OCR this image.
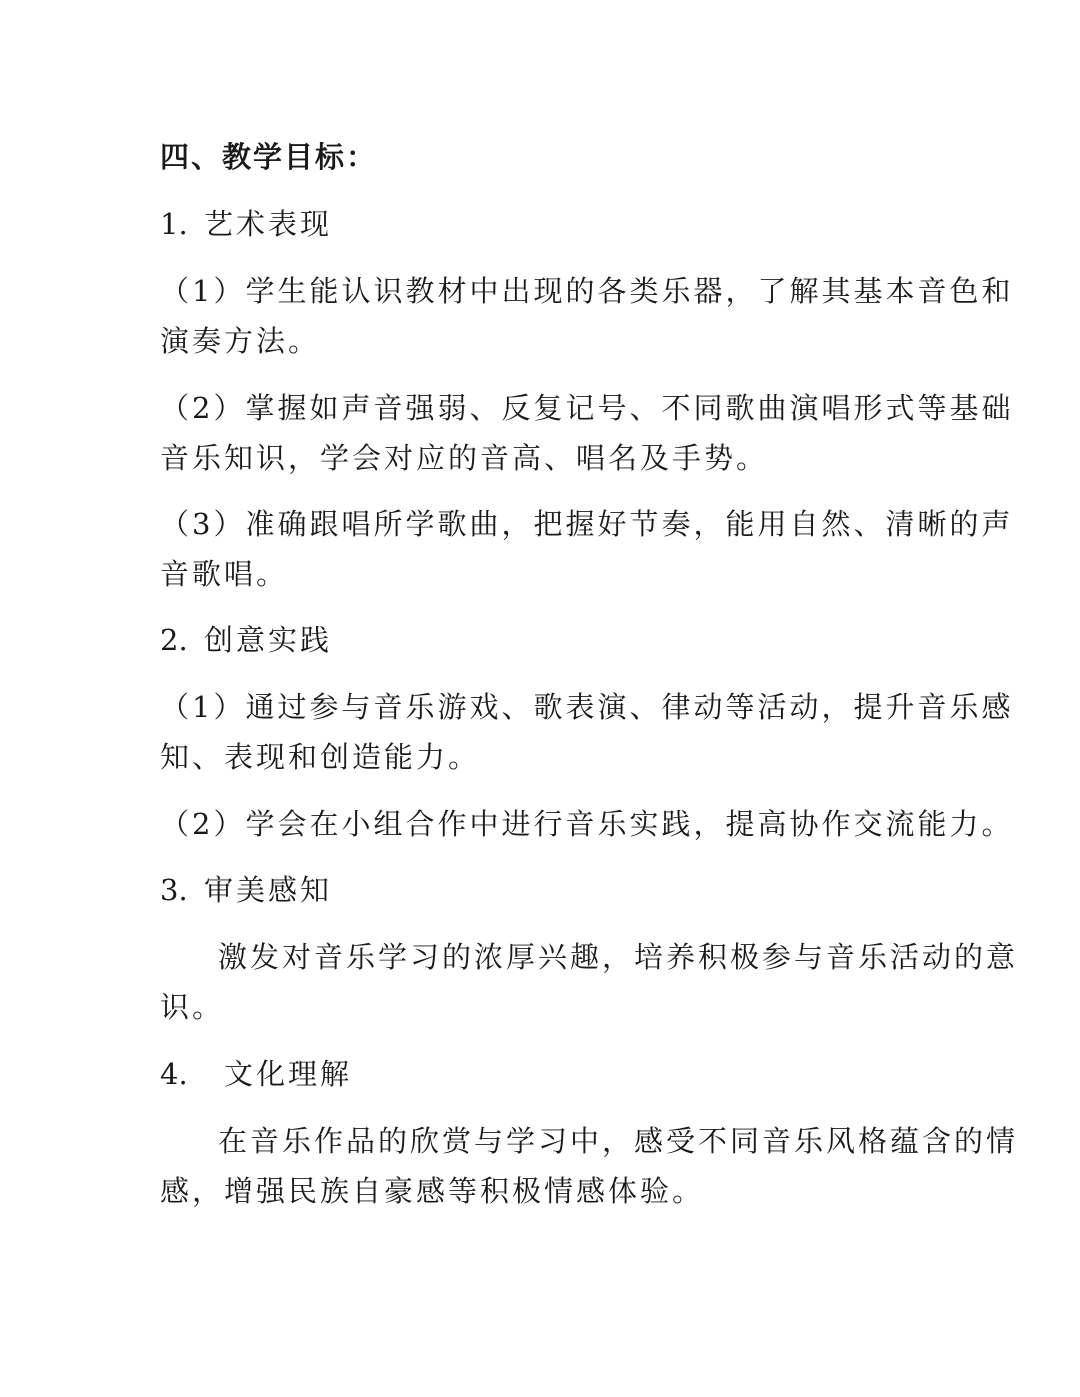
四、教学目标：
1. 艺术表现
（1）学生能认识教材中出现的各类乐器，了解其基本音色和
演奏方法。
（2）掌握如声音强弱、反复记号、不同歌曲演唱形式等基础
音乐知识，学会对应的音高、唱名及手势。
（3）准确跟唱所学歌曲，把握好节奏，能用自然、清晰的声
音歌唱。
2. 创意实践
（1）通过参与音乐游戏、歌表演、律动等活动，提升音乐感
知、表现和创造能力。
（2）学会在小组合作中进行音乐实践，提高协作交流能力。
3. 审美感知
激发对音乐学习的浓厚兴趣，培养积极参与音乐活动的意
识。
4. 文化理解
在音乐作品的欣赏与学习中，感受不同音乐风格蕴含的情
感，增强民族自豪感等积极情感体验。
